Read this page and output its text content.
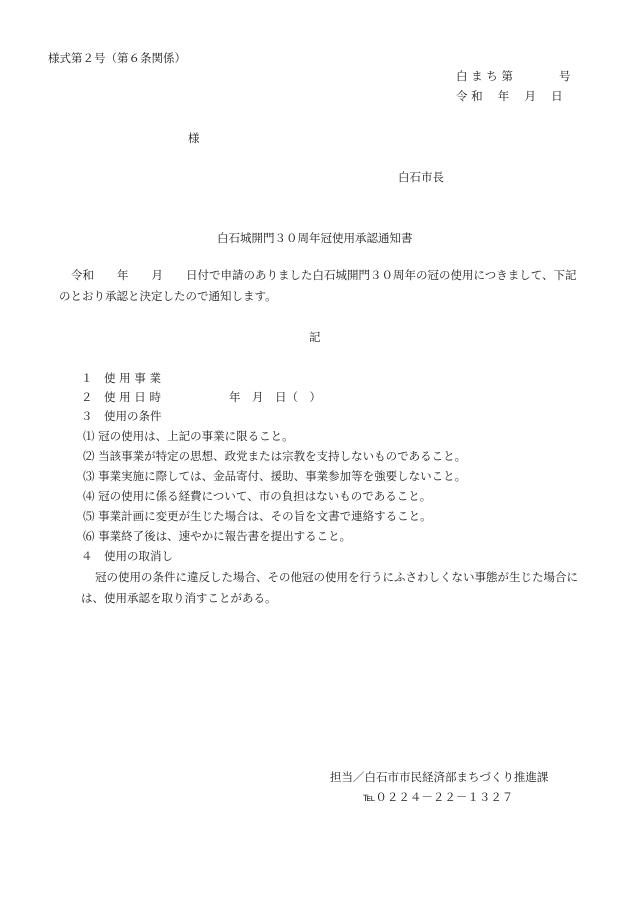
様式第２号（第６条関係）
白 ま ち 第　　　　号
令 和　 年　 月　 日
様
白石市長
白石城開門３０周年冠使用承認通知書
令和　　年　　月　　日付で申請のありました白石城開門３０周年の冠の使用につきまして、下記
のとおり承認と決定したので通知します。
記
１　使 用 事 業
２　使 用 日 時	年　月　日（　）
３　使用の条件
⑴ 冠の使用は、上記の事業に限ること。
⑵ 当該事業が特定の思想、政党または宗教を支持しないものであること。
⑶ 事業実施に際しては、金品寄付、援助、事業参加等を強要しないこと。
⑷ 冠の使用に係る経費について、市の負担はないものであること。
⑸ 事業計画に変更が生じた場合は、その旨を文書で連絡すること。
⑹ 事業終了後は、速やかに報告書を提出すること。
４　使用の取消し
冠の使用の条件に違反した場合、その他冠の使用を行うにふさわしくない事態が生じた場合に
は、使用承認を取り消すことがある。
担当／白石市市民経済部まちづくり推進課
℡０２２４－２２－１３２７
